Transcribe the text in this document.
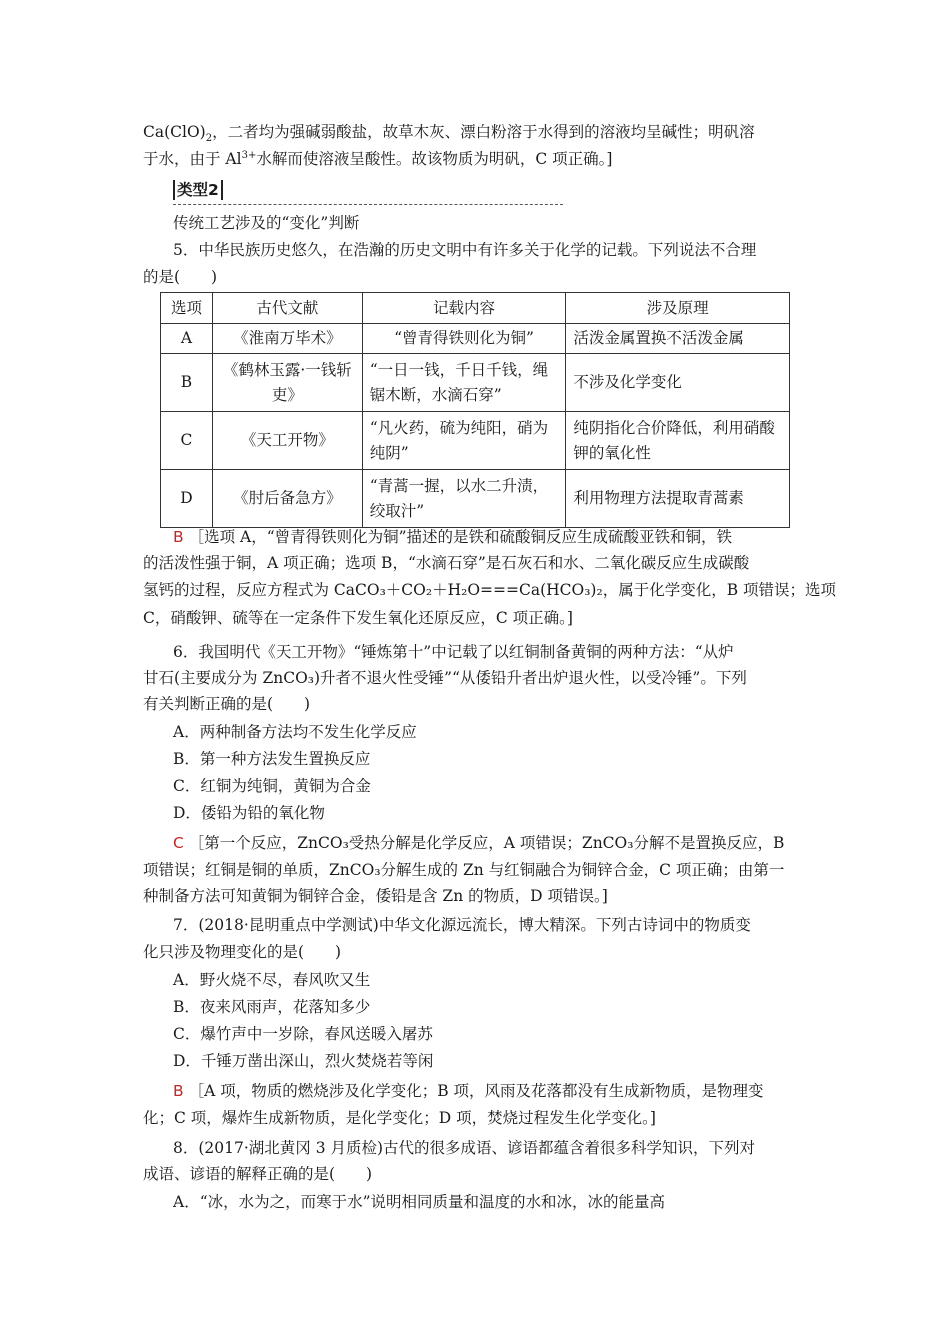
$Ca(ClO)_2$，二者均为强碱弱酸盐，故草木灰、漂白粉溶于水得到的溶液均呈碱性；明矾溶
于水，由于 $Al^{3+}$水解而使溶液呈酸性。故该物质为明矾，C 项正确。]
类型2
传统工艺涉及的“变化”判断
5．中华民族历史悠久，在浩瀚的历史文明中有许多关于化学的记载。下列说法不合理
的是(　　)
选项	古代文献	记载内容	涉及原理
A	《淮南万毕术》	“曾青得铁则化为铜”	活泼金属置换不活泼金属
B	《鹤林玉露·一钱斩吏》	“一日一钱，千日千钱，绳锯木断，水滴石穿”	不涉及化学变化
C	《天工开物》	“凡火药，硫为纯阳，硝为纯阴”	纯阴指化合价降低，利用硝酸钾的氧化性
D	《肘后备急方》	“青蒿一握，以水二升渍，绞取汁”	利用物理方法提取青蒿素
B ［选项 A，“曾青得铁则化为铜”描述的是铁和硫酸铜反应生成硫酸亚铁和铜，铁
的活泼性强于铜，A 项正确；选项 B，“水滴石穿”是石灰石和水、二氧化碳反应生成碳酸
氢钙的过程，反应方程式为 CaCO₃＋CO₂＋H₂O===Ca(HCO₃)₂，属于化学变化，B 项错误；选项
C，硝酸钾、硫等在一定条件下发生氧化还原反应，C 项正确。]
6．我国明代《天工开物》“锤炼第十”中记载了以红铜制备黄铜的两种方法：“从炉
甘石(主要成分为 ZnCO₃)升者不退火性受锤”“从倭铅升者出炉退火性，以受冷锤”。下列
有关判断正确的是(　　)
A．两种制备方法均不发生化学反应
B．第一种方法发生置换反应
C．红铜为纯铜，黄铜为合金
D．倭铅为铅的氧化物
C ［第一个反应，ZnCO₃受热分解是化学反应，A 项错误；ZnCO₃分解不是置换反应，B
项错误；红铜是铜的单质，ZnCO₃分解生成的 Zn 与红铜融合为铜锌合金，C 项正确；由第一
种制备方法可知黄铜为铜锌合金，倭铅是含 Zn 的物质，D 项错误。]
7．(2018·昆明重点中学测试)中华文化源远流长，博大精深。下列古诗词中的物质变
化只涉及物理变化的是(　　)
A．野火烧不尽，春风吹又生
B．夜来风雨声，花落知多少
C．爆竹声中一岁除，春风送暖入屠苏
D．千锤万凿出深山，烈火焚烧若等闲
B ［A 项，物质的燃烧涉及化学变化；B 项，风雨及花落都没有生成新物质，是物理变
化；C 项，爆炸生成新物质，是化学变化；D 项，焚烧过程发生化学变化。]
8．(2017·湖北黄冈 3 月质检)古代的很多成语、谚语都蕴含着很多科学知识，下列对
成语、谚语的解释正确的是(　　)
A．“冰，水为之，而寒于水”说明相同质量和温度的水和冰，冰的能量高
